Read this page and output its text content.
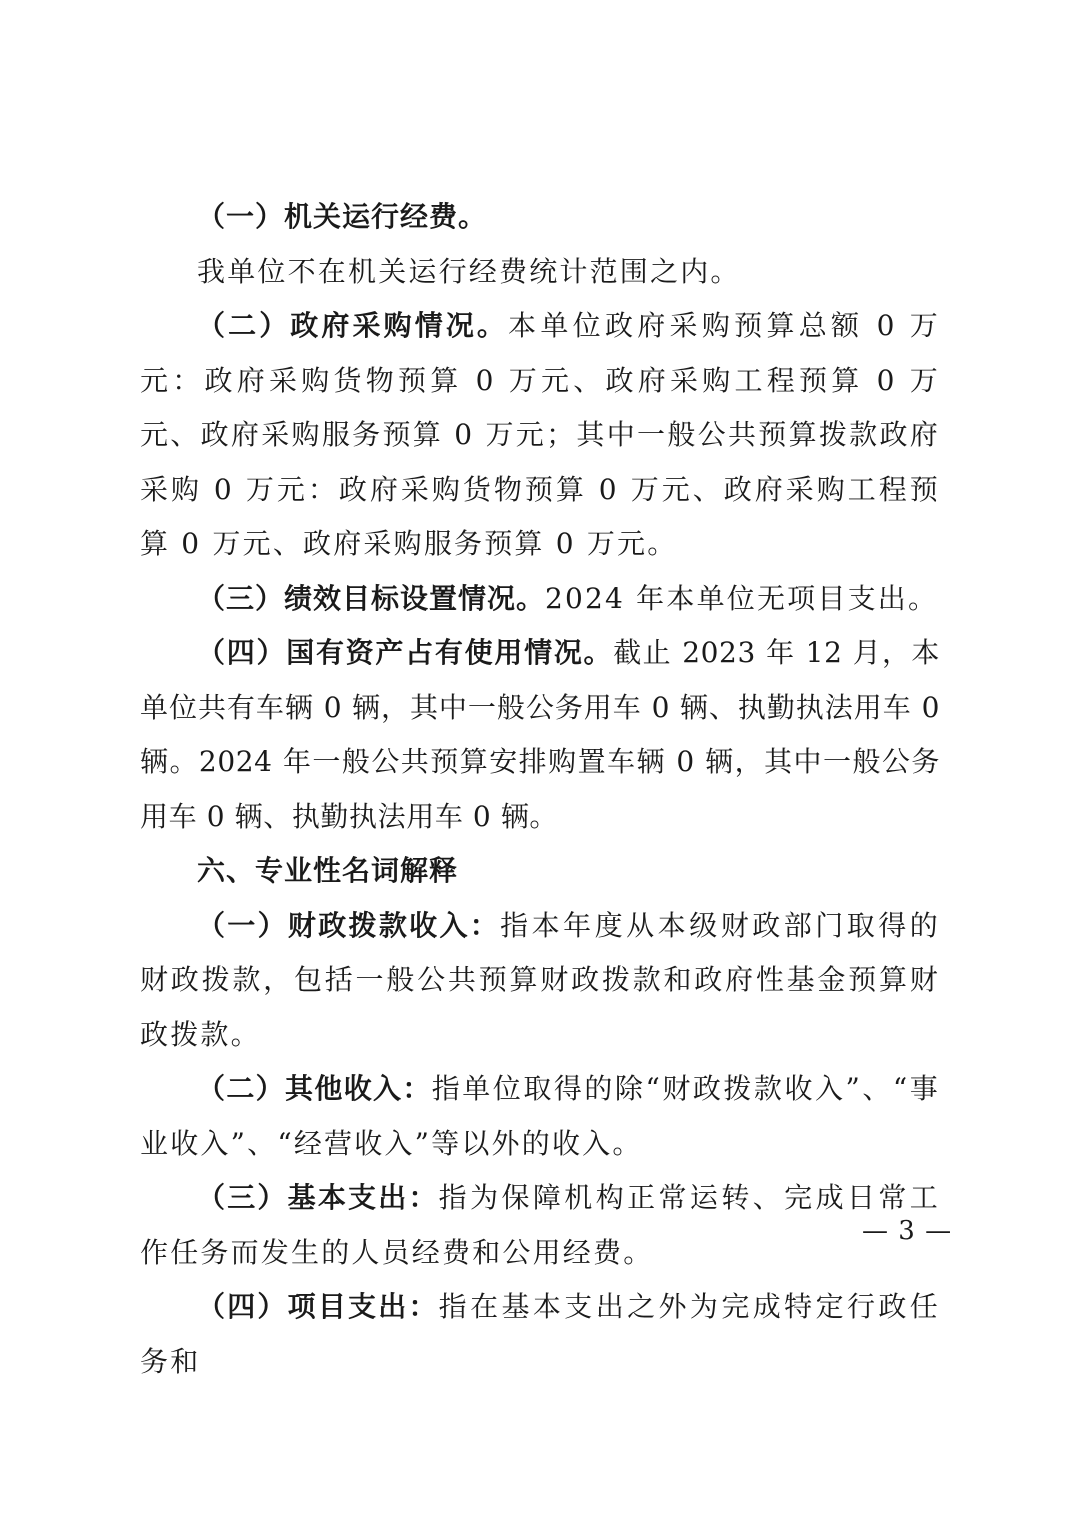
（一）机关运行经费。

我单位不在机关运行经费统计范围之内。

（二）政府采购情况。本单位政府采购预算总额 0 万元：政府采购货物预算 0 万元、政府采购工程预算 0 万元、政府采购服务预算 0 万元；其中一般公共预算拨款政府采购 0 万元：政府采购货物预算 0 万元、政府采购工程预算 0 万元、政府采购服务预算 0 万元。

（三）绩效目标设置情况。2024 年本单位无项目支出。

（四）国有资产占有使用情况。截止 2023 年 12 月，本单位共有车辆 0 辆，其中一般公务用车 0 辆、执勤执法用车 0 辆。2024 年一般公共预算安排购置车辆 0 辆，其中一般公务用车 0 辆、执勤执法用车 0 辆。

六、专业性名词解释

（一）财政拨款收入：指本年度从本级财政部门取得的财政拨款，包括一般公共预算财政拨款和政府性基金预算财政拨款。

（二）其他收入：指单位取得的除“财政拨款收入”、“事业收入”、“经营收入”等以外的收入。

（三）基本支出：指为保障机构正常运转、完成日常工作任务而发生的人员经费和公用经费。

（四）项目支出：指在基本支出之外为完成特定行政任务和

— 3 —
